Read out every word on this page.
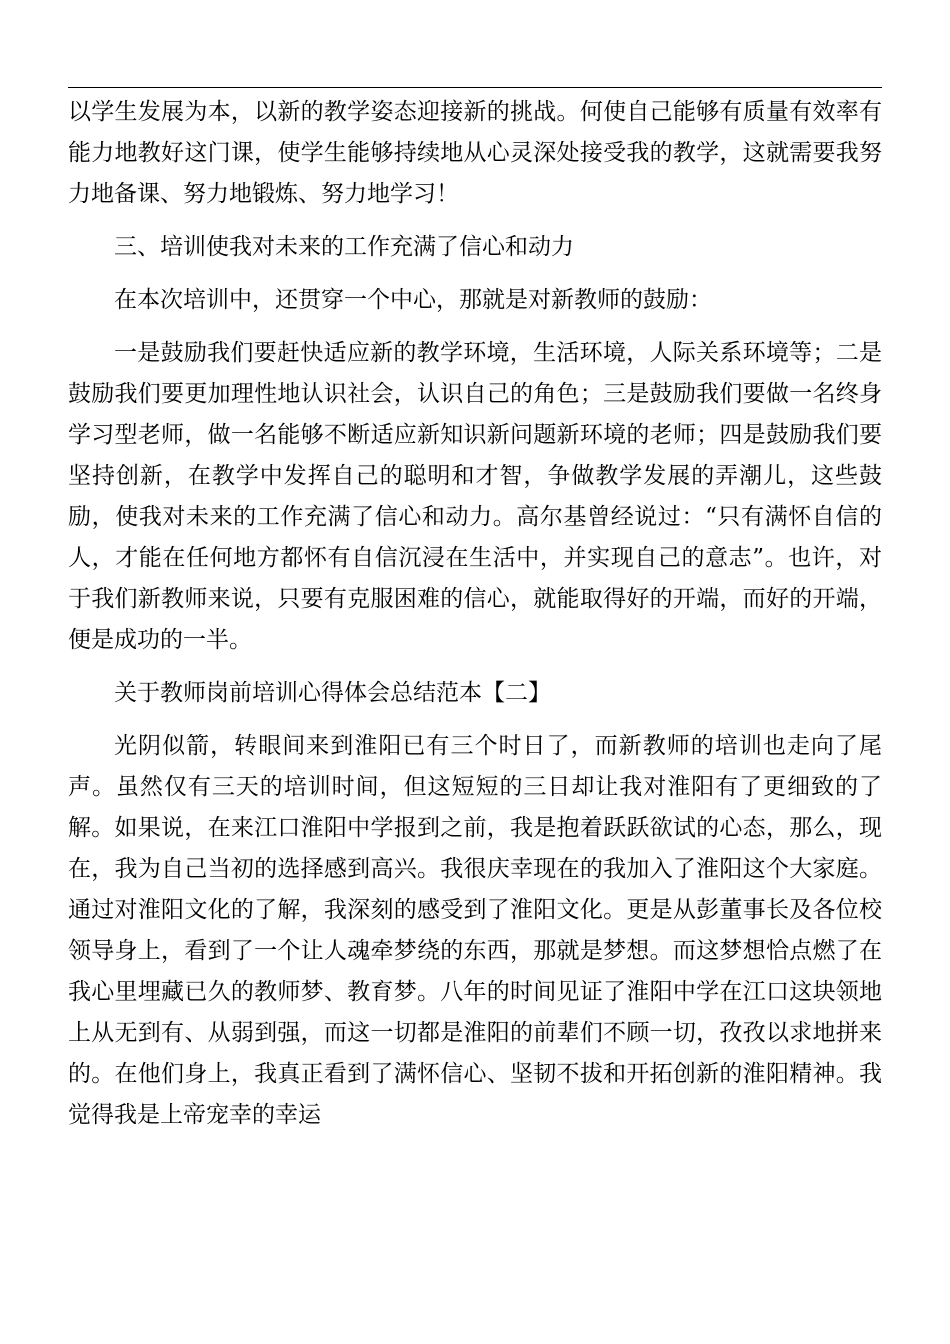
以学生发展为本，以新的教学姿态迎接新的挑战。何使自己能够有质量有效率有能力地教好这门课，使学生能够持续地从心灵深处接受我的教学，这就需要我努力地备课、努力地锻炼、努力地学习！

三、培训使我对未来的工作充满了信心和动力

在本次培训中，还贯穿一个中心，那就是对新教师的鼓励：

一是鼓励我们要赶快适应新的教学环境，生活环境，人际关系环境等；二是鼓励我们要更加理性地认识社会，认识自己的角色；三是鼓励我们要做一名终身学习型老师，做一名能够不断适应新知识新问题新环境的老师；四是鼓励我们要坚持创新，在教学中发挥自己的聪明和才智，争做教学发展的弄潮儿，这些鼓励，使我对未来的工作充满了信心和动力。高尔基曾经说过：“只有满怀自信的人，才能在任何地方都怀有自信沉浸在生活中，并实现自己的意志”。也许，对于我们新教师来说，只要有克服困难的信心，就能取得好的开端，而好的开端，便是成功的一半。

关于教师岗前培训心得体会总结范本【二】

光阴似箭，转眼间来到淮阳已有三个时日了，而新教师的培训也走向了尾声。虽然仅有三天的培训时间，但这短短的三日却让我对淮阳有了更细致的了解。如果说，在来江口淮阳中学报到之前，我是抱着跃跃欲试的心态，那么，现在，我为自己当初的选择感到高兴。我很庆幸现在的我加入了淮阳这个大家庭。通过对淮阳文化的了解，我深刻的感受到了淮阳文化。更是从彭董事长及各位校领导身上，看到了一个让人魂牵梦绕的东西，那就是梦想。而这梦想恰点燃了在我心里埋藏已久的教师梦、教育梦。八年的时间见证了淮阳中学在江口这块领地上从无到有、从弱到强，而这一切都是淮阳的前辈们不顾一切，孜孜以求地拼来的。在他们身上，我真正看到了满怀信心、坚韧不拔和开拓创新的淮阳精神。我觉得我是上帝宠幸的幸运
